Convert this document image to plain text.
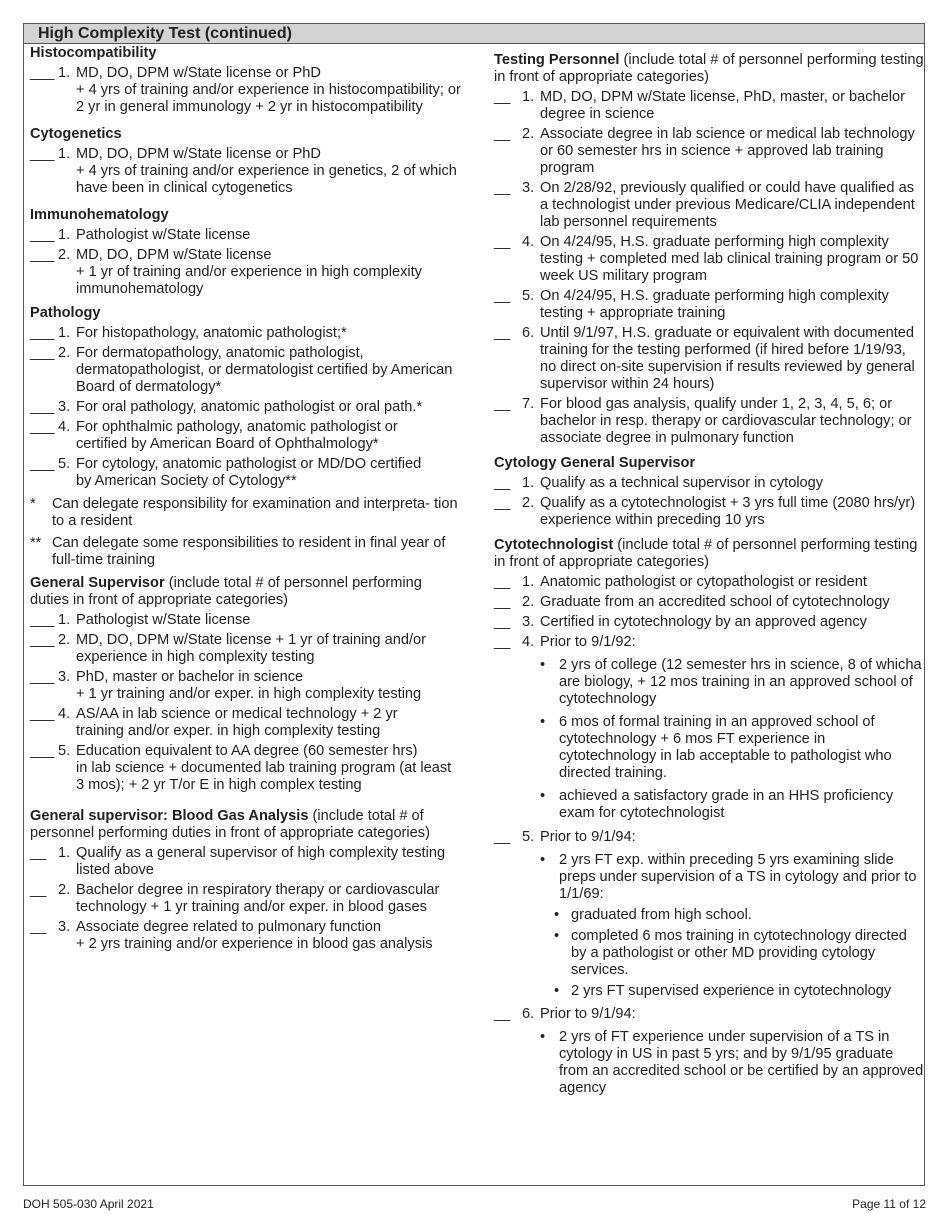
High Complexity Test (continued)
Histocompatibility
___ 1. MD, DO, DPM w/State license or PhD
+ 4 yrs of training and/or experience in histocompatibility; or 2 yr in general immunology + 2 yr in histocompatibility
Cytogenetics
___ 1. MD, DO, DPM w/State license or PhD
+ 4 yrs of training and/or experience in genetics, 2 of which have been in clinical cytogenetics
Immunohematology
___ 1. Pathologist w/State license
___ 2. MD, DO, DPM w/State license
+ 1 yr of training and/or experience in high complexity immunohematology
Pathology
___ 1. For histopathology, anatomic pathologist;*
___ 2. For dermatopathology, anatomic pathologist,
dermatopathologist, or dermatologist certified by American Board of dermatology*
___ 3. For oral pathology, anatomic pathologist or oral path.*
___ 4. For ophthalmic pathology, anatomic pathologist or
certified by American Board of Ophthalmology*
___ 5. For cytology, anatomic pathologist or MD/DO certified
by American Society of Cytology**
* Can delegate responsibility for examination and interpreta- tion to a resident
** Can delegate some responsibilities to resident in final year of full-time training
General Supervisor (include total # of personnel performing duties in front of appropriate categories)
___ 1. Pathologist w/State license
___ 2. MD, DO, DPM w/State license + 1 yr of training and/or
experience in high complexity testing
___ 3. PhD, master or bachelor in science
+ 1 yr training and/or exper. in high complexity testing
___ 4. AS/AA in lab science or medical technology + 2 yr
training and/or exper. in high complexity testing
___ 5. Education equivalent to AA degree (60 semester hrs)
in lab science + documented lab training program (at least 3 mos); + 2 yr T/or E in high complex testing
General supervisor: Blood Gas Analysis (include total # of personnel performing duties in front of appropriate categories)
__ 1. Qualify as a general supervisor of high complexity testing listed above
__ 2. Bachelor degree in respiratory therapy or cardiovascular technology + 1 yr training and/or exper. in blood gases
__ 3. Associate degree related to pulmonary function
+ 2 yrs training and/or experience in blood gas analysis
Testing Personnel (include total # of personnel performing testing in front of appropriate categories)
__ 1. MD, DO, DPM w/State license, PhD, master, or bachelor degree in science
__ 2. Associate degree in lab science or medical lab technology or 60 semester hrs in science + approved lab training program
__ 3. On 2/28/92, previously qualified or could have qualified as a technologist under previous Medicare/CLIA independent lab personnel requirements
__ 4. On 4/24/95, H.S. graduate performing high complexity testing + completed med lab clinical training program or 50 week US military program
__ 5. On 4/24/95, H.S. graduate performing high complexity testing + appropriate training
__ 6. Until 9/1/97, H.S. graduate or equivalent with documented training for the testing performed (if hired before 1/19/93, no direct on-site supervision if results reviewed by general supervisor within 24 hours)
__ 7. For blood gas analysis, qualify under 1, 2, 3, 4, 5, 6; or bachelor in resp. therapy or cardiovascular technology; or associate degree in pulmonary function
Cytology General Supervisor
__ 1. Qualify as a technical supervisor in cytology
__ 2. Qualify as a cytotechnologist + 3 yrs full time (2080 hrs/yr) experience within preceding 10 yrs
Cytotechnologist (include total # of personnel performing testing in front of appropriate categories)
__ 1. Anatomic pathologist or cytopathologist or resident
__ 2. Graduate from an accredited school of cytotechnology
__ 3. Certified in cytotechnology by an approved agency
__ 4. Prior to 9/1/92:
• 2 yrs of college (12 semester hrs in science, 8 of whicha are biology, + 12 mos training in an approved school of cytotechnology
• 6 mos of formal training in an approved school of cytotechnology + 6 mos FT experience in cytotechnology in lab acceptable to pathologist who directed training.
• achieved a satisfactory grade in an HHS proficiency exam for cytotechnologist
__ 5. Prior to 9/1/94:
• 2 yrs FT exp. within preceding 5 yrs examining slide preps under supervision of a TS in cytology and prior to 1/1/69:
• graduated from high school.
• completed 6 mos training in cytotechnology directed by a pathologist or other MD providing cytology services.
• 2 yrs FT supervised experience in cytotechnology
__ 6. Prior to 9/1/94:
• 2 yrs of FT experience under supervision of a TS in cytology in US in past 5 yrs; and by 9/1/95 graduate from an accredited school or be certified by an approved agency
DOH 505-030 April 2021	Page 11 of 12
